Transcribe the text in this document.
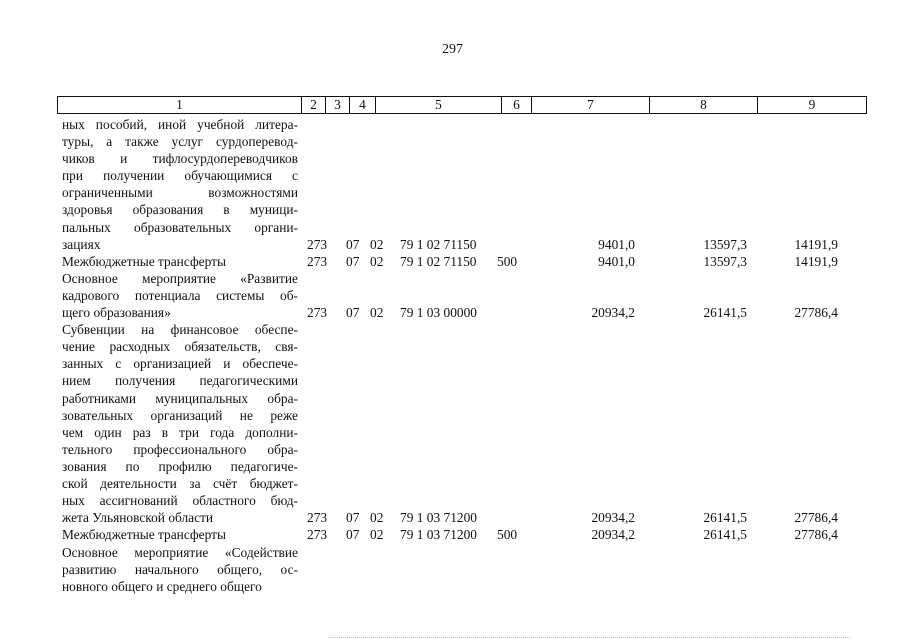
297
1	2	3	4	5	6	7	8	9
ных пособий, иной учебной литера-
туры, а также услуг сурдоперевод-
чиков и тифлосурдопереводчиков
при получении обучающимися с
ограниченными возможностями
здоровья образования в муници-
пальных образовательных органи-
зациях	273 07 02 79 1 02 71150	9401,0	13597,3	14191,9
Межбюджетные трансферты	273 07 02 79 1 02 71150 500	9401,0	13597,3	14191,9
Основное мероприятие «Развитие
кадрового потенциала системы об-
щего образования»	273 07 02 79 1 03 00000	20934,2	26141,5	27786,4
Субвенции на финансовое обеспе-
чение расходных обязательств, свя-
занных с организацией и обеспече-
нием получения педагогическими
работниками муниципальных обра-
зовательных организаций не реже
чем один раз в три года дополни-
тельного профессионального обра-
зования по профилю педагогиче-
ской деятельности за счёт бюджет-
ных ассигнований областного бюд-
жета Ульяновской области	273 07 02 79 1 03 71200	20934,2	26141,5	27786,4
Межбюджетные трансферты	273 07 02 79 1 03 71200 500	20934,2	26141,5	27786,4
Основное мероприятие «Содействие
развитию начального общего, ос-
новного общего и среднего общего
